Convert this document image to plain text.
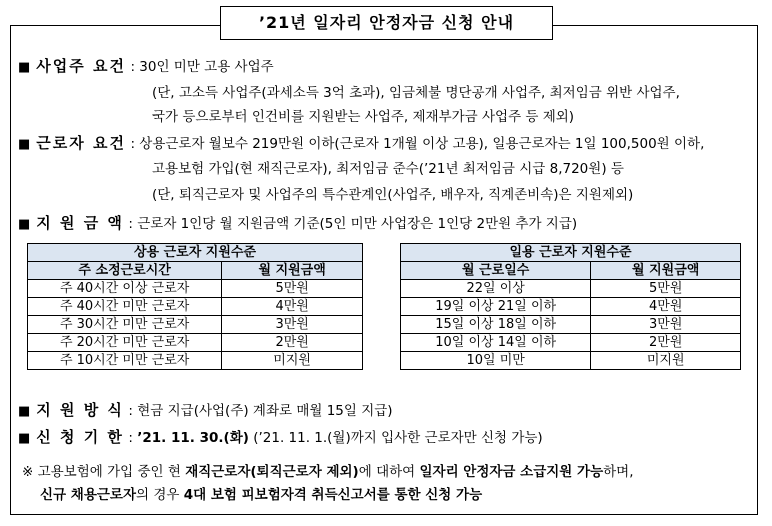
’21년 일자리 안정자금 신청 안내
■ 사업주 요건 : 30인 미만 고용 사업주
(단, 고소득 사업주(과세소득 3억 초과), 임금체불 명단공개 사업주, 최저임금 위반 사업주,
국가 등으로부터 인건비를 지원받는 사업주, 제재부가금 사업주 등 제외)
■ 근로자 요건 : 상용근로자 월보수 219만원 이하(근로자 1개월 이상 고용), 일용근로자는 1일 100,500원 이하,
고용보험 가입(현 재직근로자), 최저임금 준수(’21년 최저임금 시급 8,720원) 등
(단, 퇴직근로자 및 사업주의 특수관계인(사업주, 배우자, 직계존비속)은 지원제외)
■ 지 원 금 액 : 근로자 1인당 월 지원금액 기준(5인 미만 사업장은 1인당 2만원 추가 지급)
상용 근로자 지원수준	
주 소정근로시간	월 지원금액
주 40시간 이상 근로자	5만원
주 40시간 미만 근로자	4만원
주 30시간 미만 근로자	3만원
주 20시간 미만 근로자	2만원
주 10시간 미만 근로자	미지원
일용 근로자 지원수준	
월 근로일수	월 지원금액
22일 이상	5만원
19일 이상 21일 이하	4만원
15일 이상 18일 이하	3만원
10일 이상 14일 이하	2만원
10일 미만	미지원
■ 지 원 방 식 : 현금 지급(사업(주) 계좌로 매월 15일 지급)
■ 신 청 기 한 : ’21. 11. 30.(화) (’21. 11. 1.(월)까지 입사한 근로자만 신청 가능)
※ 고용보험에 가입 중인 현 재직근로자(퇴직근로자 제외)에 대하여 일자리 안정자금 소급지원 가능하며,
신규 채용근로자의 경우 4대 보험 피보험자격 취득신고서를 통한 신청 가능
